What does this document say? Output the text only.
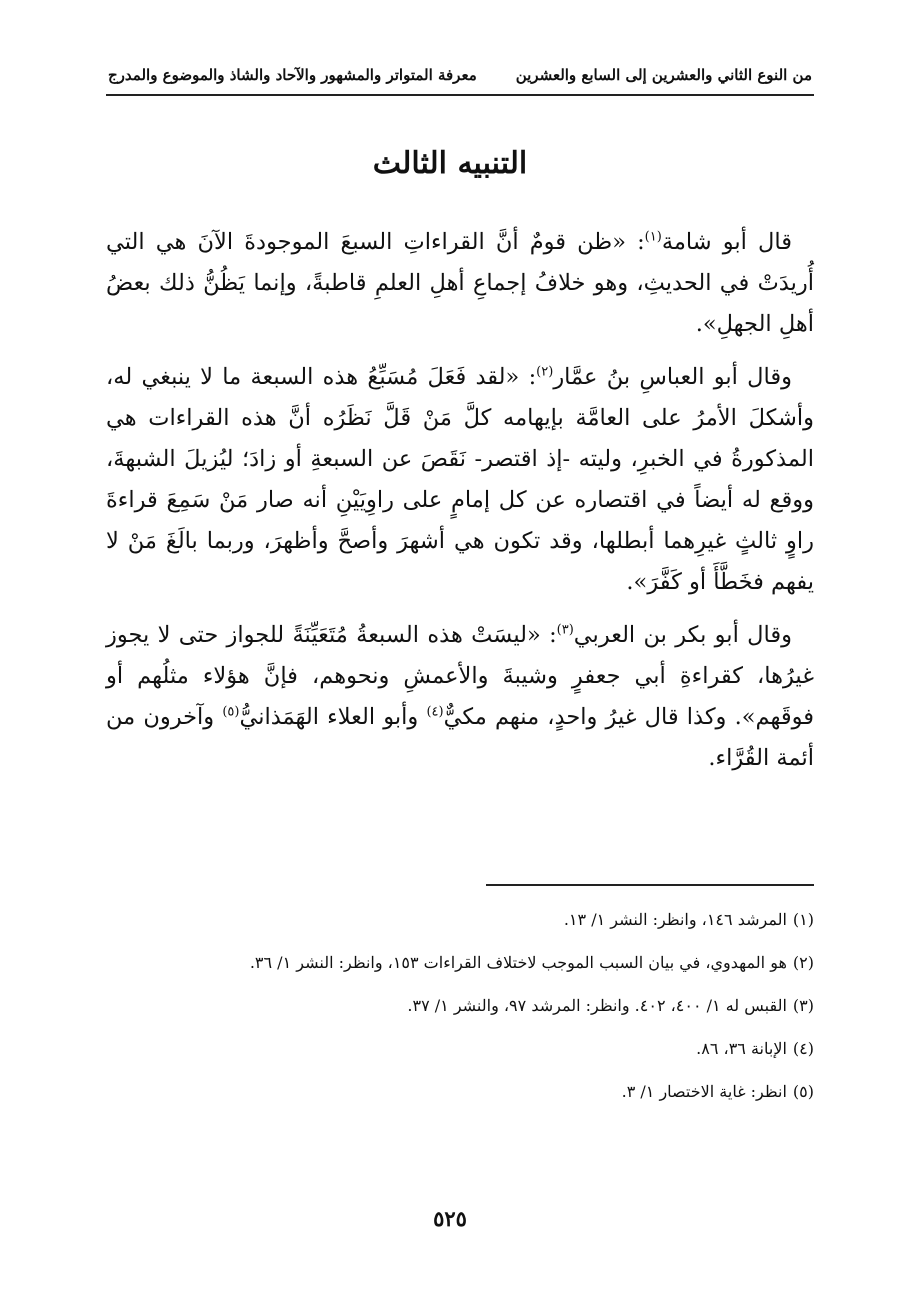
من النوع الثاني والعشرين إلى السابع والعشرين
معرفة المتواتر والمشهور والآحاد والشاذ والموضوع والمدرج
التنبيه الثالث

قال أبو شامة$^{(١)}$: «ظن قومٌ أنَّ القراءاتِ السبعَ الموجودةَ الآنَ هي التي أُريدَتْ في الحديثِ، وهو خلافُ إجماعِ أهلِ العلمِ قاطبةً، وإنما يَظُنُّ ذلك بعضُ أهلِ الجهلِ».

وقال أبو العباسِ بنُ عمَّار$^{(٢)}$: «لقد فَعَلَ مُسَبِّعُ هذه السبعة ما لا ينبغي له، وأشكلَ الأمرُ على العامَّة بإيهامه كلَّ مَنْ قَلَّ نَظَرُه أنَّ هذه القراءات هي المذكورةُ في الخبرِ، وليته -إذ اقتصر- نَقَصَ عن السبعةِ أو زادَ؛ ليُزيلَ الشبهةَ، ووقع له أيضاً في اقتصاره عن كل إمامٍ على راوِيَيْنِ أنه صار مَنْ سَمِعَ قراءةَ راوٍ ثالثٍ غيرِهما أبطلها، وقد تكون هي أشهرَ وأصحَّ وأظهرَ، وربما بالَغَ مَنْ لا يفهم فخَطَّأَ أو كَفَّرَ».

وقال أبو بكر بن العربي$^{(٣)}$: «ليسَتْ هذه السبعةُ مُتَعَيِّنَةً للجواز حتى لا يجوز غيرُها، كقراءةِ أبي جعفرٍ وشيبةَ والأعمشِ ونحوهم، فإنَّ هؤلاء مثلُهم أو فوقَهم». وكذا قال غيرُ واحدٍ، منهم مكيٌّ$^{(٤)}$ وأبو العلاء الهَمَذانيُّ$^{(٥)}$ وآخرون من أئمة القُرَّاء.

(١)المرشد ١٤٦، وانظر: النشر ١/ ١٣.

(٢)هو المهدوي، في بيان السبب الموجب لاختلاف القراءات ١٥٣، وانظر: النشر ١/ ٣٦.

(٣)القبس له ١/ ٤٠٠، ٤٠٢. وانظر: المرشد ٩٧، والنشر ١/ ٣٧.

(٤)الإبانة ٣٦، ٨٦.

(٥)انظر: غاية الاختصار ١/ ٣.

٥٢٥
